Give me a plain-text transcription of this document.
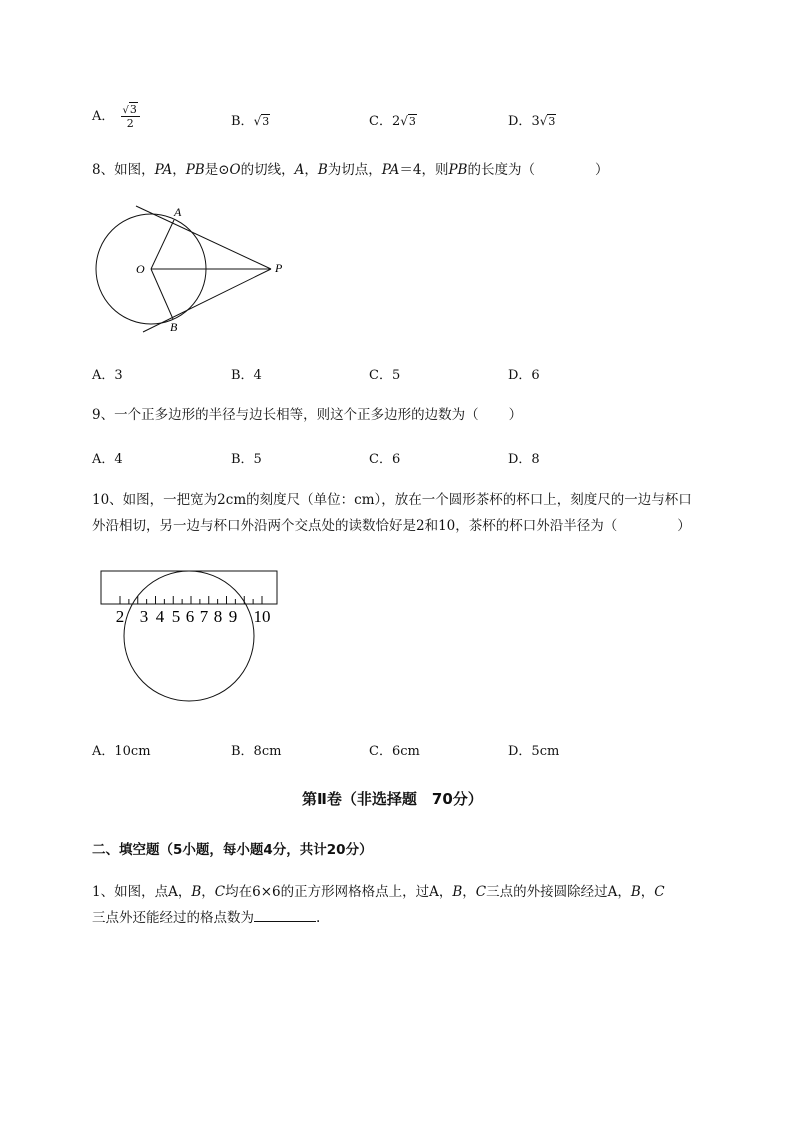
A． $\frac{√3}{2}$	B．√3	C．2√3	D．3√3
8、如图，PA，PB是⊙O的切线，A，B为切点，PA＝4，则PB的长度为（	）
A
B
O	P
A．3	B．4	C．5	D．6
9、一个正多边形的半径与边长相等，则这个正多边形的边数为（ ）
A．4	B．5	C．6	D．8
10、如图，一把宽为2cm的刻度尺（单位：cm），放在一个圆形茶杯的杯口上，刻度尺的一边与杯口
外沿相切，另一边与杯口外沿两个交点处的读数恰好是2和10，茶杯的杯口外沿半径为（	）
2 3 4 5 6 7 8 9 10
A．10cm	B．8cm	C．6cm	D．5cm
第Ⅱ卷（非选择题　70分）
二、填空题（5小题，每小题4分，共计20分）
1、如图，点A，B，C均在6×6的正方形网格格点上，过A，B，C三点的外接圆除经过A，B，C
三点外还能经过的格点数为	.
